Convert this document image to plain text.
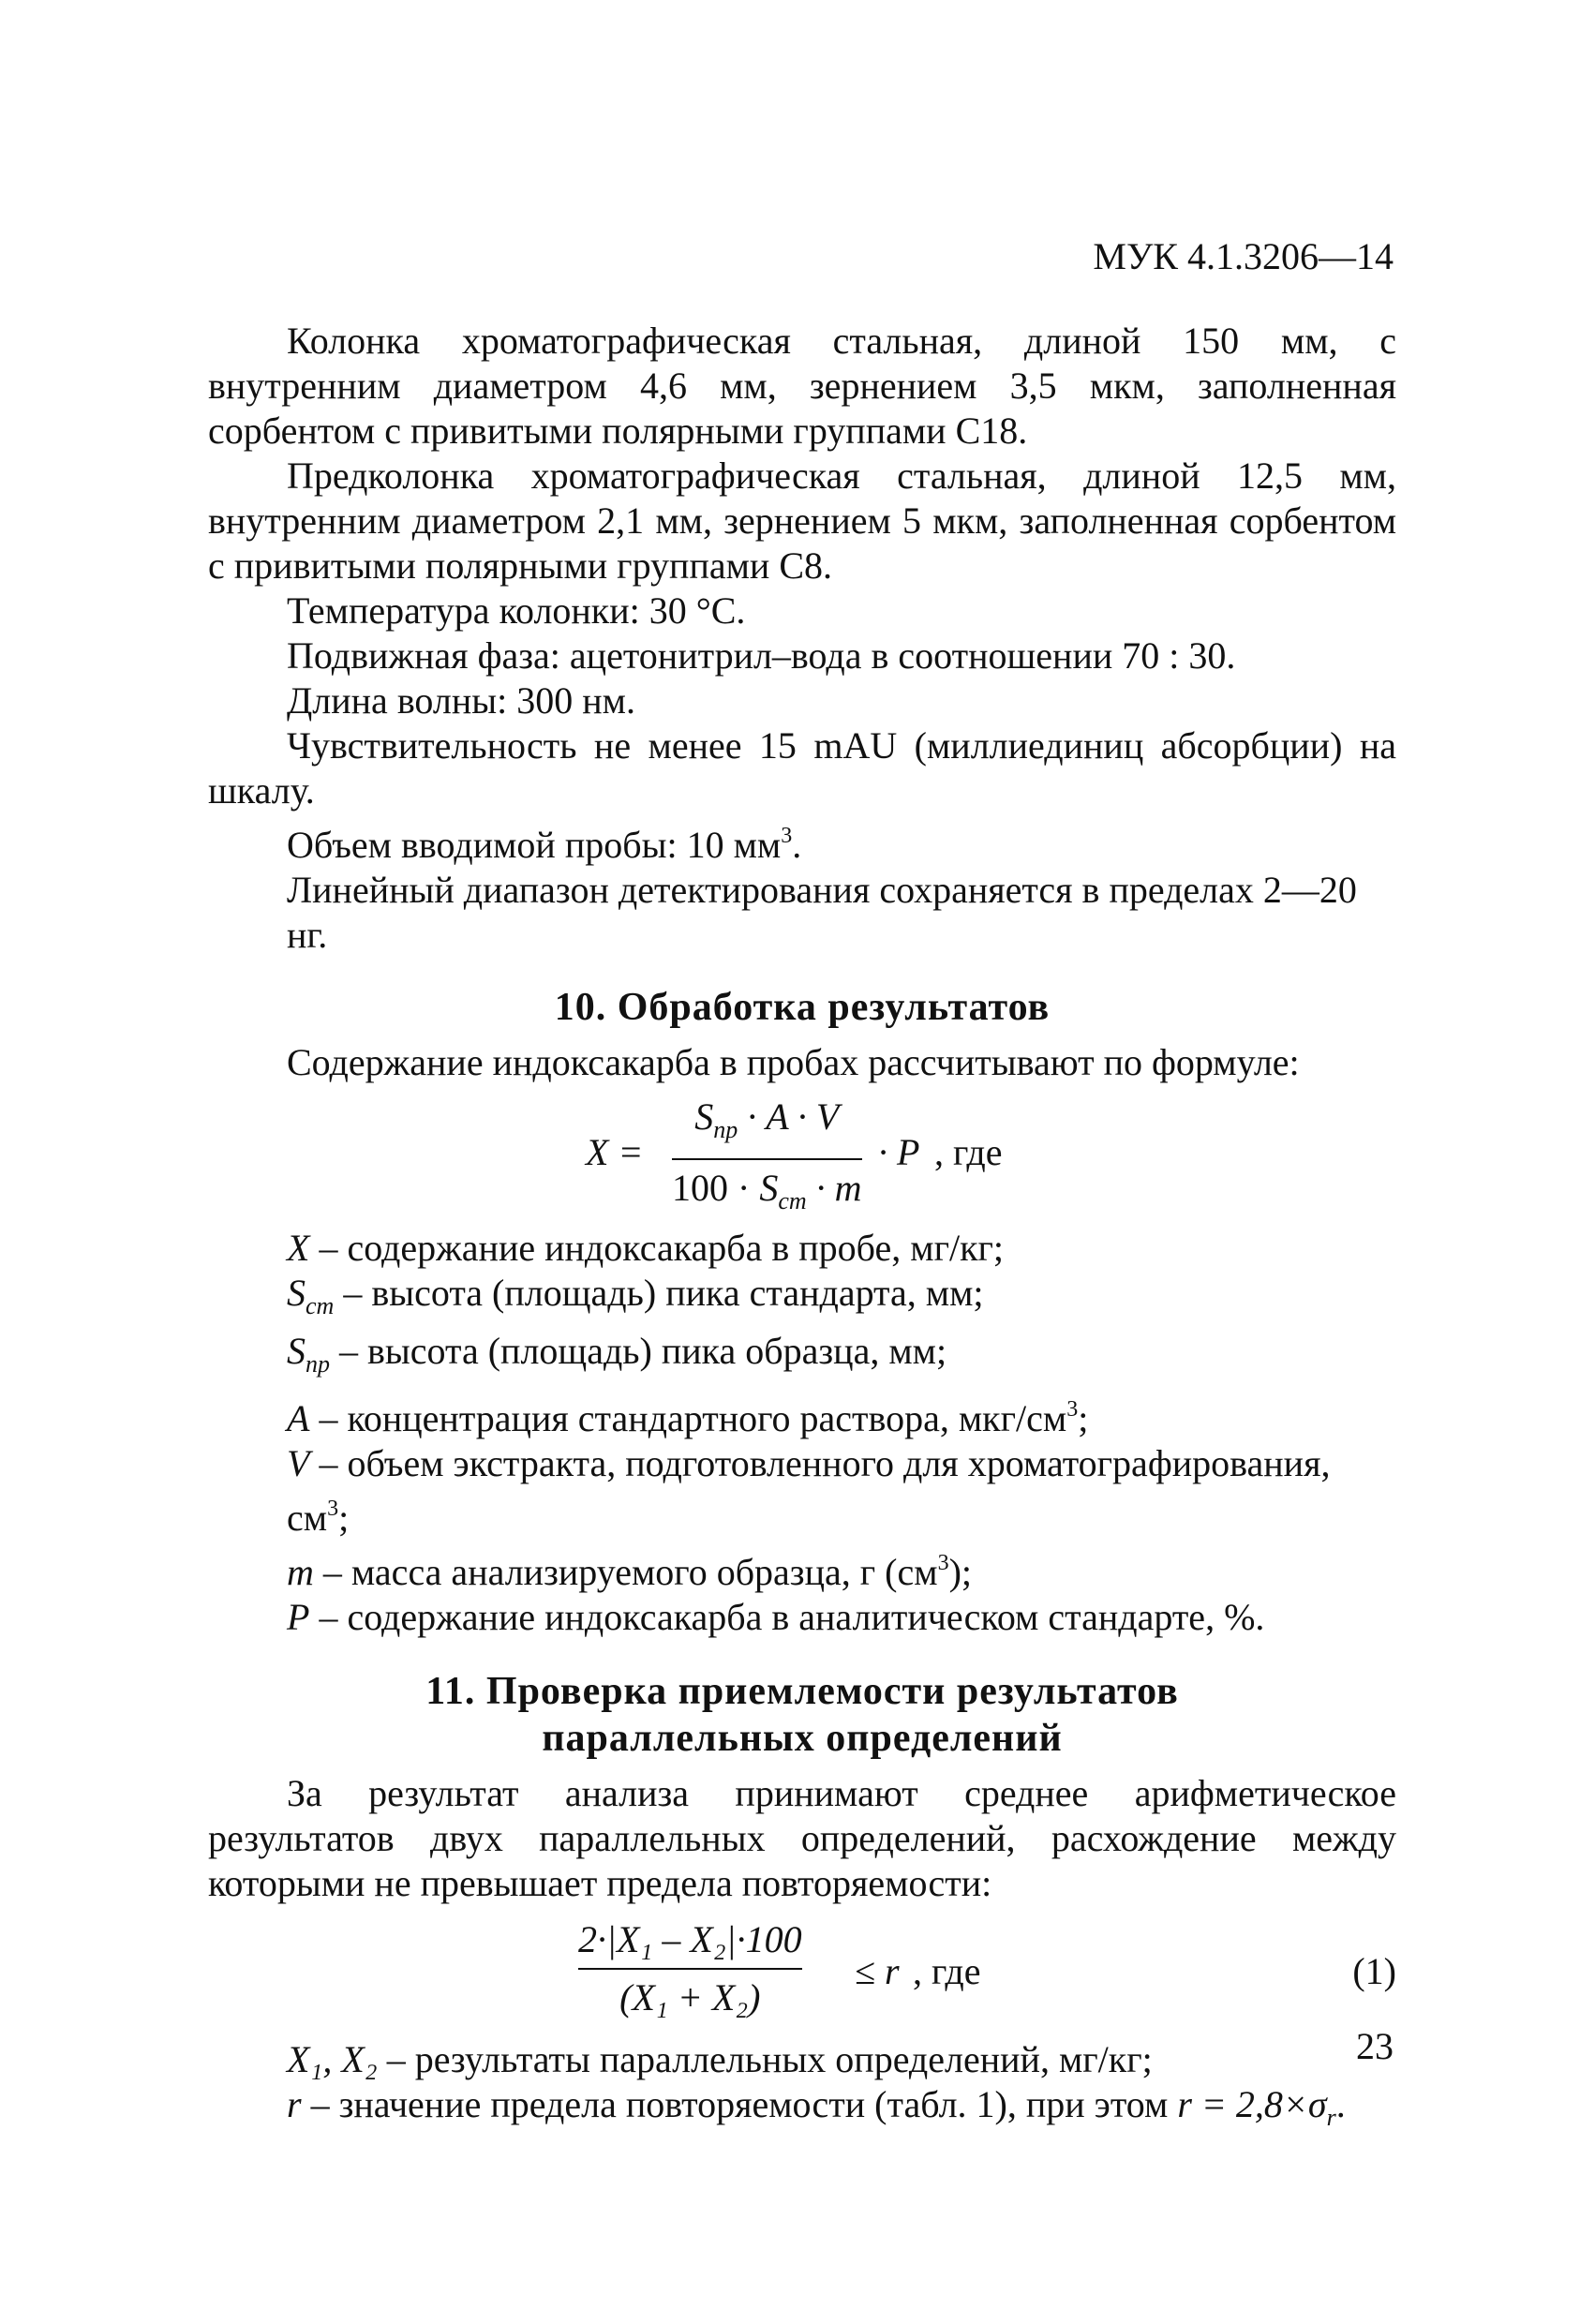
МУК 4.1.3206—14

Колонка хроматографическая стальная, длиной 150 мм, с внутренним диаметром 4,6 мм, зернением 3,5 мкм, заполненная сорбентом с привитыми полярными группами С18.

Предколонка хроматографическая стальная, длиной 12,5 мм, внутренним диаметром 2,1 мм, зернением 5 мкм, заполненная сорбентом с привитыми полярными группами С8.

Температура колонки: 30 °С.

Подвижная фаза: ацетонитрил–вода в соотношении 70 : 30.

Длина волны: 300 нм.

Чувствительность не менее 15 mAU (миллиединиц абсорбции) на шкалу.

Объем вводимой пробы: 10 $мм^3$.

Линейный диапазон детектирования сохраняется в пределах 2—20 нг.

10. Обработка результатов

Содержание индоксакарба в пробах рассчитывают по формуле:

X =
$S_{пр} \cdot A \cdot V$
$100 \cdot S_{cm} \cdot m$
· P , где
X – содержание индоксакарба в пробе, мг/кг;
$S_{cm}$ – высота (площадь) пика стандарта, мм;
$S_{пр}$ – высота (площадь) пика образца, мм;
A – концентрация стандартного раствора, мкг/$см^3$;
V – объем экстракта, подготовленного для хроматографирования, $см^3$;
m – масса анализируемого образца, г $(см^3)$;
P – содержание индоксакарба в аналитическом стандарте, %.

11. Проверка приемлемости результатов

параллельных определений

За результат анализа принимают среднее арифметическое результатов двух параллельных определений, расхождение между которыми не превышает предела повторяемости:

2·|X₁ – X₂|·100
(X₁ + X₂)
≤ r , где	(1)
X₁, X₂ – результаты параллельных определений, мг/кг;
r – значение предела повторяемости (табл. 1), при этом $r = 2,8\times\sigma_r$.
23
